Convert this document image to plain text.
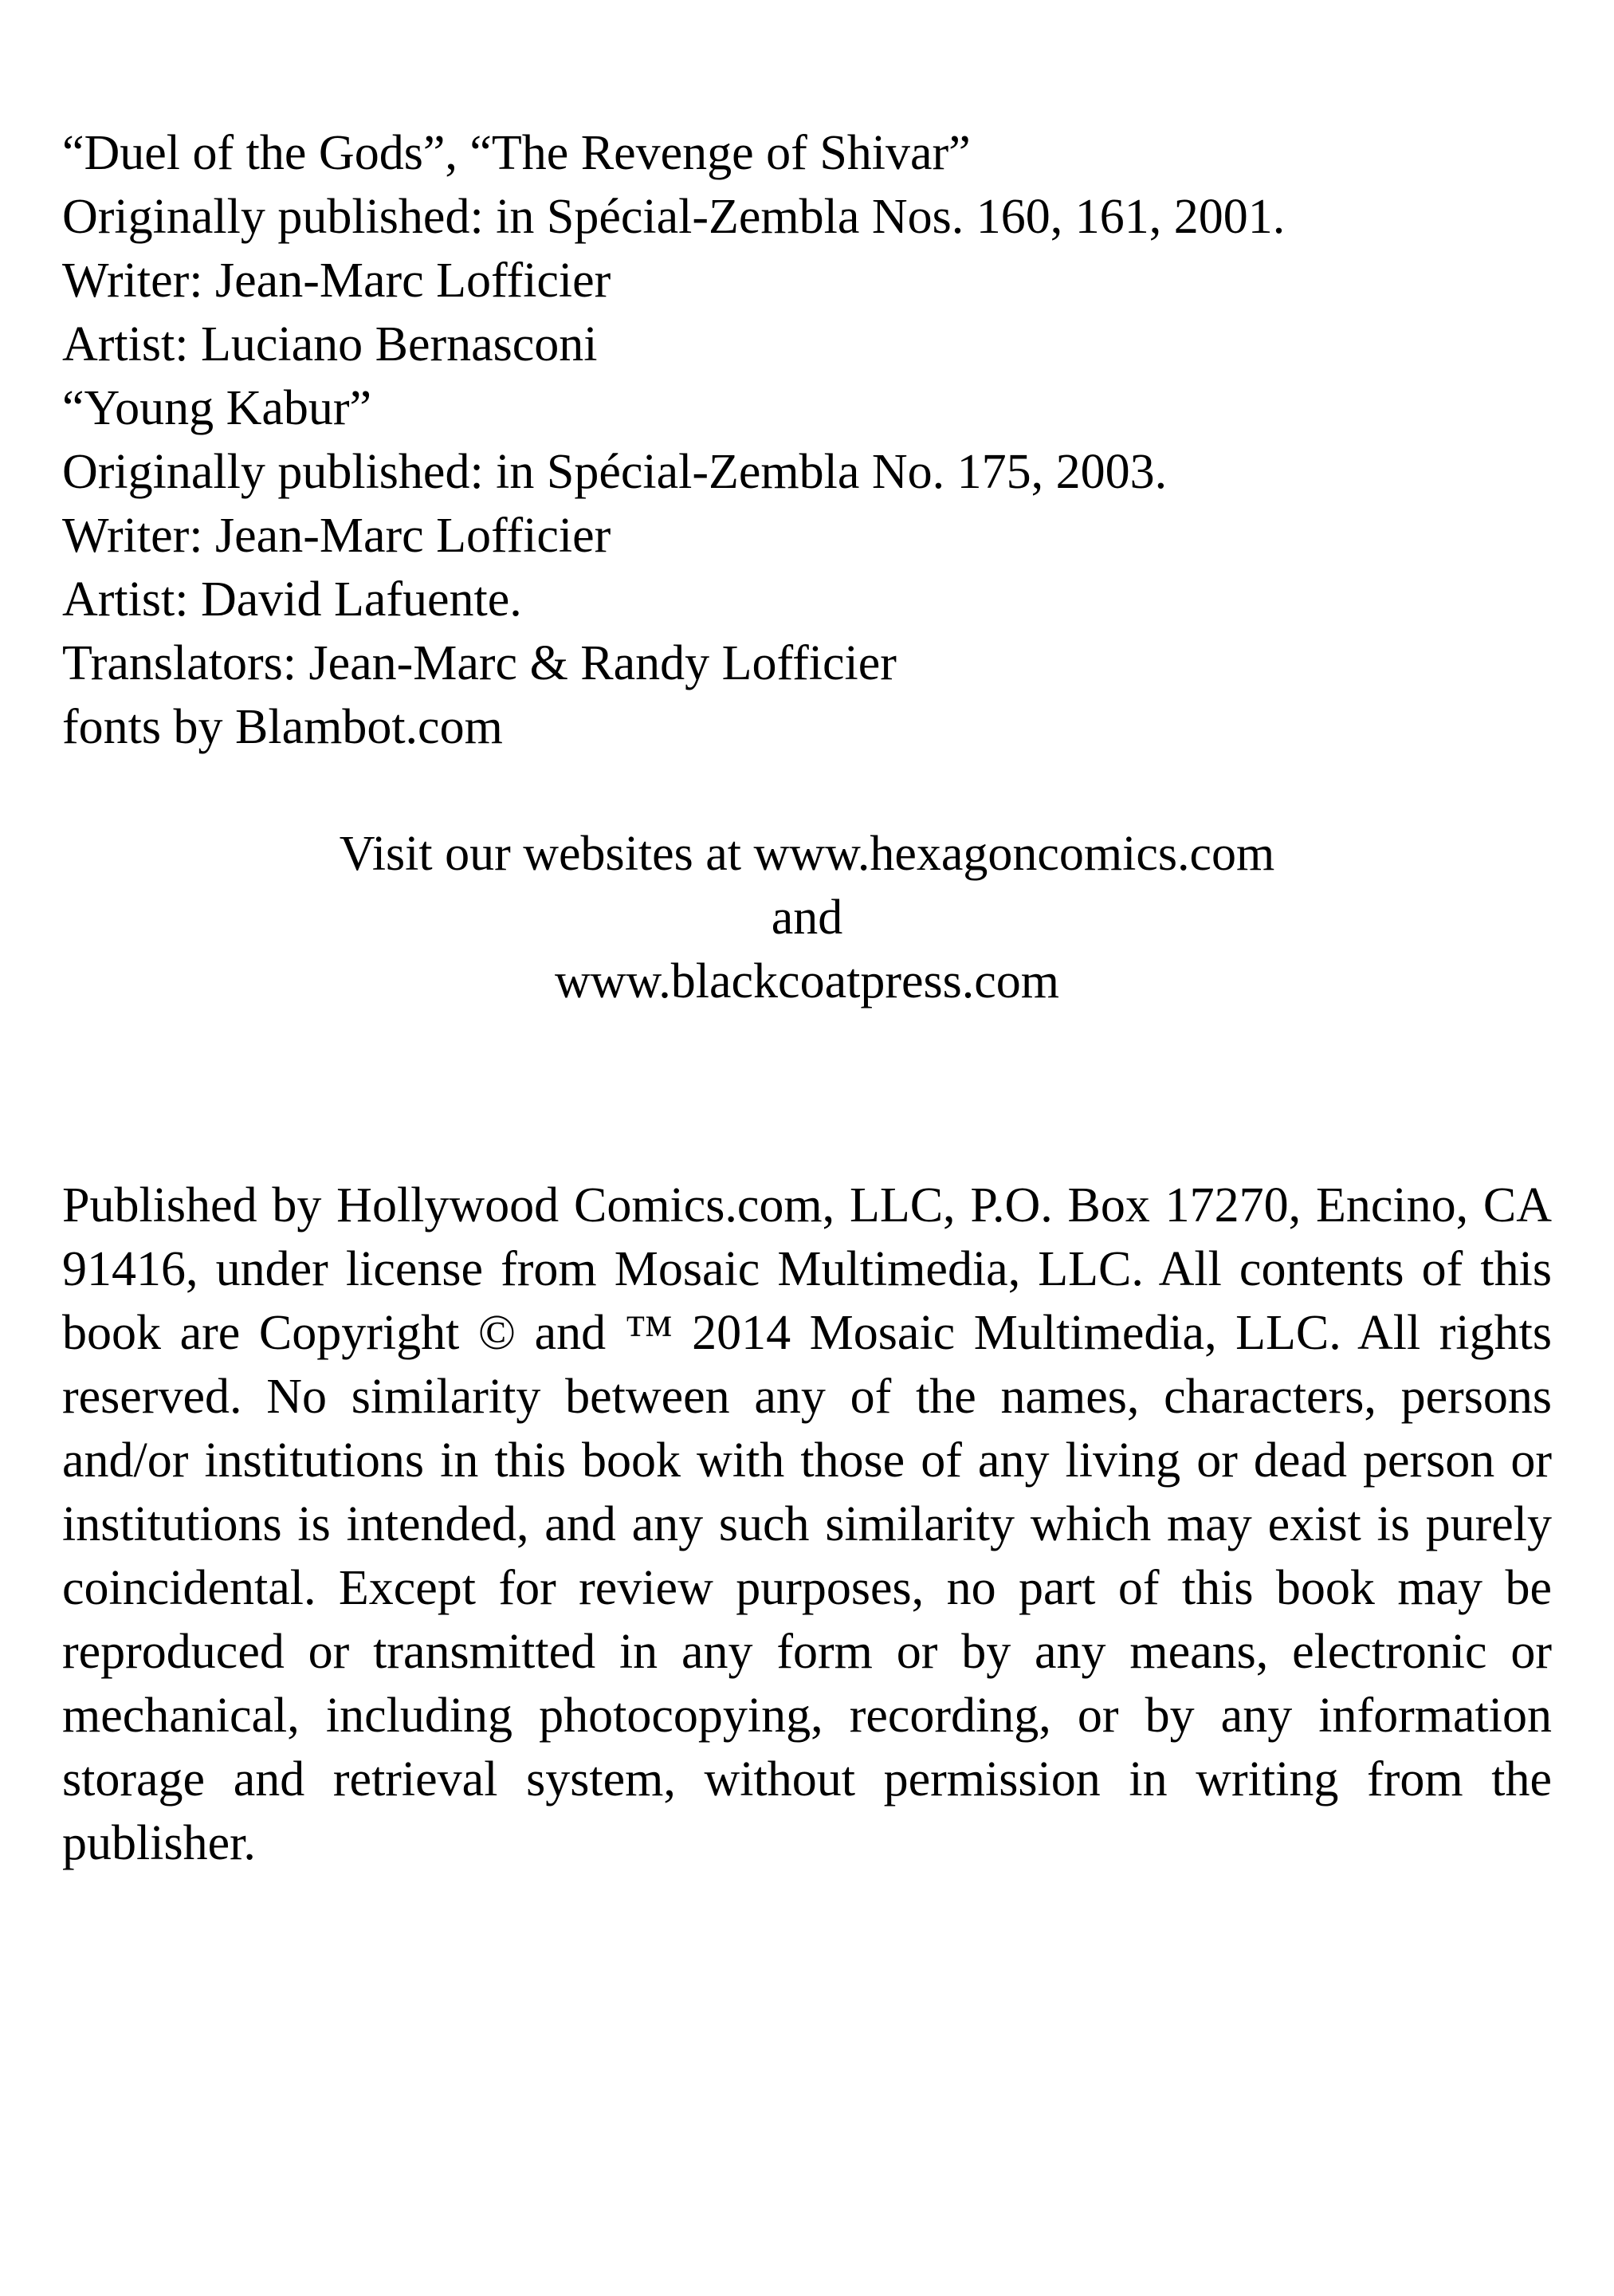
“Duel of the Gods”, “The Revenge of Shivar”
Originally published: in Spécial-Zembla Nos. 160, 161, 2001.
Writer: Jean-Marc Lofficier
Artist: Luciano Bernasconi
“Young Kabur”
Originally published: in Spécial-Zembla No. 175, 2003.
Writer: Jean-Marc Lofficier
Artist: David Lafuente.
Translators: Jean-Marc & Randy Lofficier
fonts by Blambot.com
Visit our websites at www.hexagoncomics.com
and
www.blackcoatpress.com

Published by Hollywood Comics.com, LLC, P.O. Box 17270, Encino, CA 91416, under license from Mosaic Multimedia, LLC. All contents of this book are Copyright © and ™ 2014 Mosaic Multimedia, LLC. All rights reserved. No similarity between any of the names, characters, persons and/or institutions in this book with those of any living or dead person or institutions is intended, and any such similarity which may exist is purely coincidental. Except for review purposes, no part of this book may be reproduced or transmitted in any form or by any means, electronic or mechanical, including photocopying, recording, or by any information storage and retrieval system, without permission in writing from the publisher.
